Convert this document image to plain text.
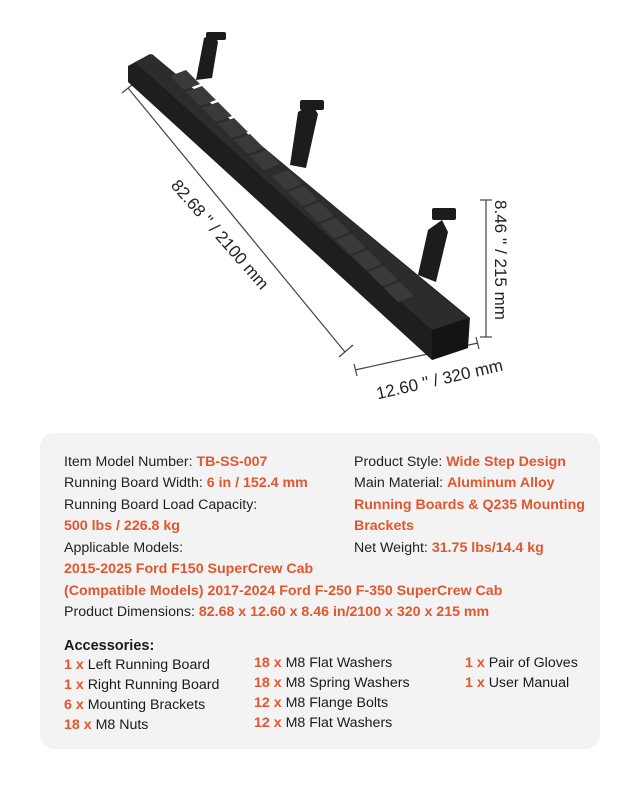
82.68 '' / 2100 mm	8.46 '' / 215 mm
12.60 '' / 320 mm
Item Model Number: TB-SS-007	Product Style: Wide Step Design
Running Board Width: 6 in / 152.4 mm	Main Material: Aluminum Alloy
Running Board Load Capacity:	Running Boards & Q235 Mounting
500 lbs / 226.8 kg	Brackets
Applicable Models:	Net Weight: 31.75 lbs/14.4 kg
2015-2025 Ford F150 SuperCrew Cab
(Compatible Models) 2017-2024 Ford F-250 F-350 SuperCrew Cab
Product Dimensions: 82.68 x 12.60 x 8.46 in/2100 x 320 x 215 mm
Accessories:
1 x Left Running Board
1 x Right Running Board
6 x Mounting Brackets
18 x M8 Nuts
18 x M8 Flat Washers
18 x M8 Spring Washers
12 x M8 Flange Bolts
12 x M8 Flat Washers
1 x Pair of Gloves
1 x User Manual
